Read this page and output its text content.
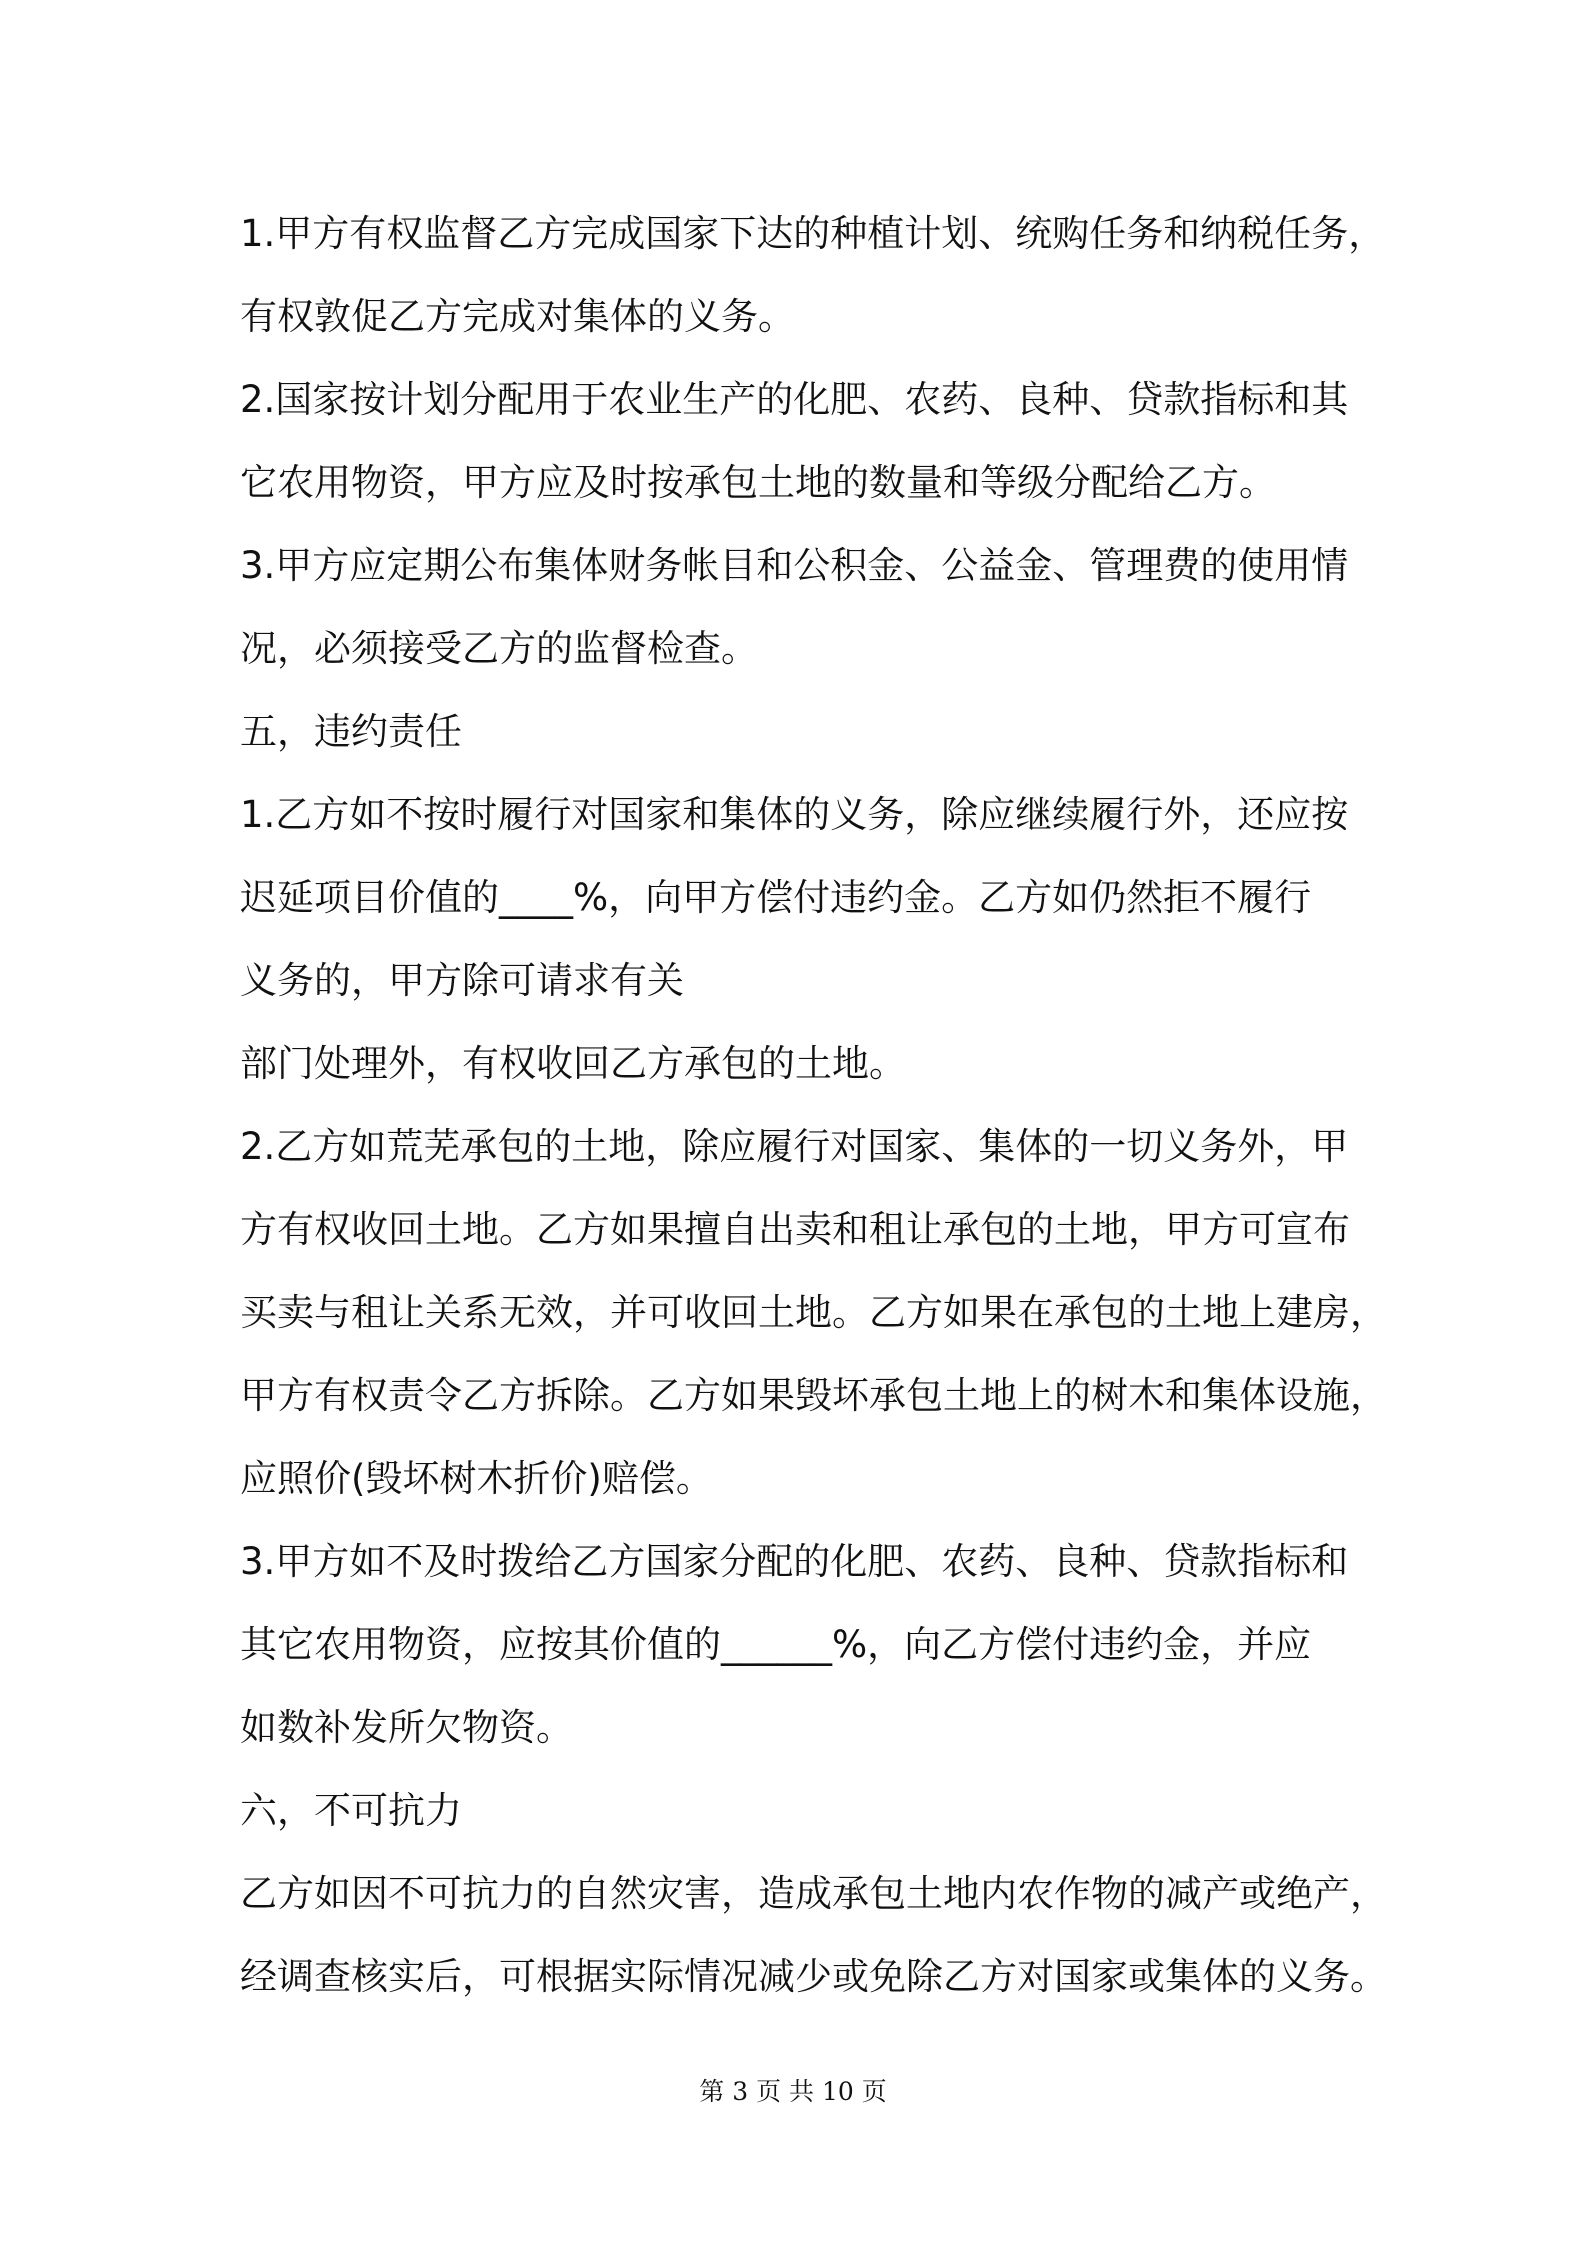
1.甲方有权监督乙方完成国家下达的种植计划、统购任务和纳税任务，
有权敦促乙方完成对集体的义务。
2.国家按计划分配用于农业生产的化肥、农药、良种、贷款指标和其
它农用物资，甲方应及时按承包土地的数量和等级分配给乙方。
3.甲方应定期公布集体财务帐目和公积金、公益金、管理费的使用情
况，必须接受乙方的监督检查。
五，违约责任
1.乙方如不按时履行对国家和集体的义务，除应继续履行外，还应按
迟延项目价值的____%，向甲方偿付违约金。乙方如仍然拒不履行
义务的，甲方除可请求有关
部门处理外，有权收回乙方承包的土地。
2.乙方如荒芜承包的土地，除应履行对国家、集体的一切义务外，甲
方有权收回土地。乙方如果擅自出卖和租让承包的土地，甲方可宣布
买卖与租让关系无效，并可收回土地。乙方如果在承包的土地上建房，
甲方有权责令乙方拆除。乙方如果毁坏承包土地上的树木和集体设施，
应照价(毁坏树木折价)赔偿。
3.甲方如不及时拨给乙方国家分配的化肥、农药、良种、贷款指标和
其它农用物资，应按其价值的______%，向乙方偿付违约金，并应
如数补发所欠物资。
六，不可抗力
乙方如因不可抗力的自然灾害，造成承包土地内农作物的减产或绝产，
经调查核实后，可根据实际情况减少或免除乙方对国家或集体的义务。
第 3 页 共 10 页
